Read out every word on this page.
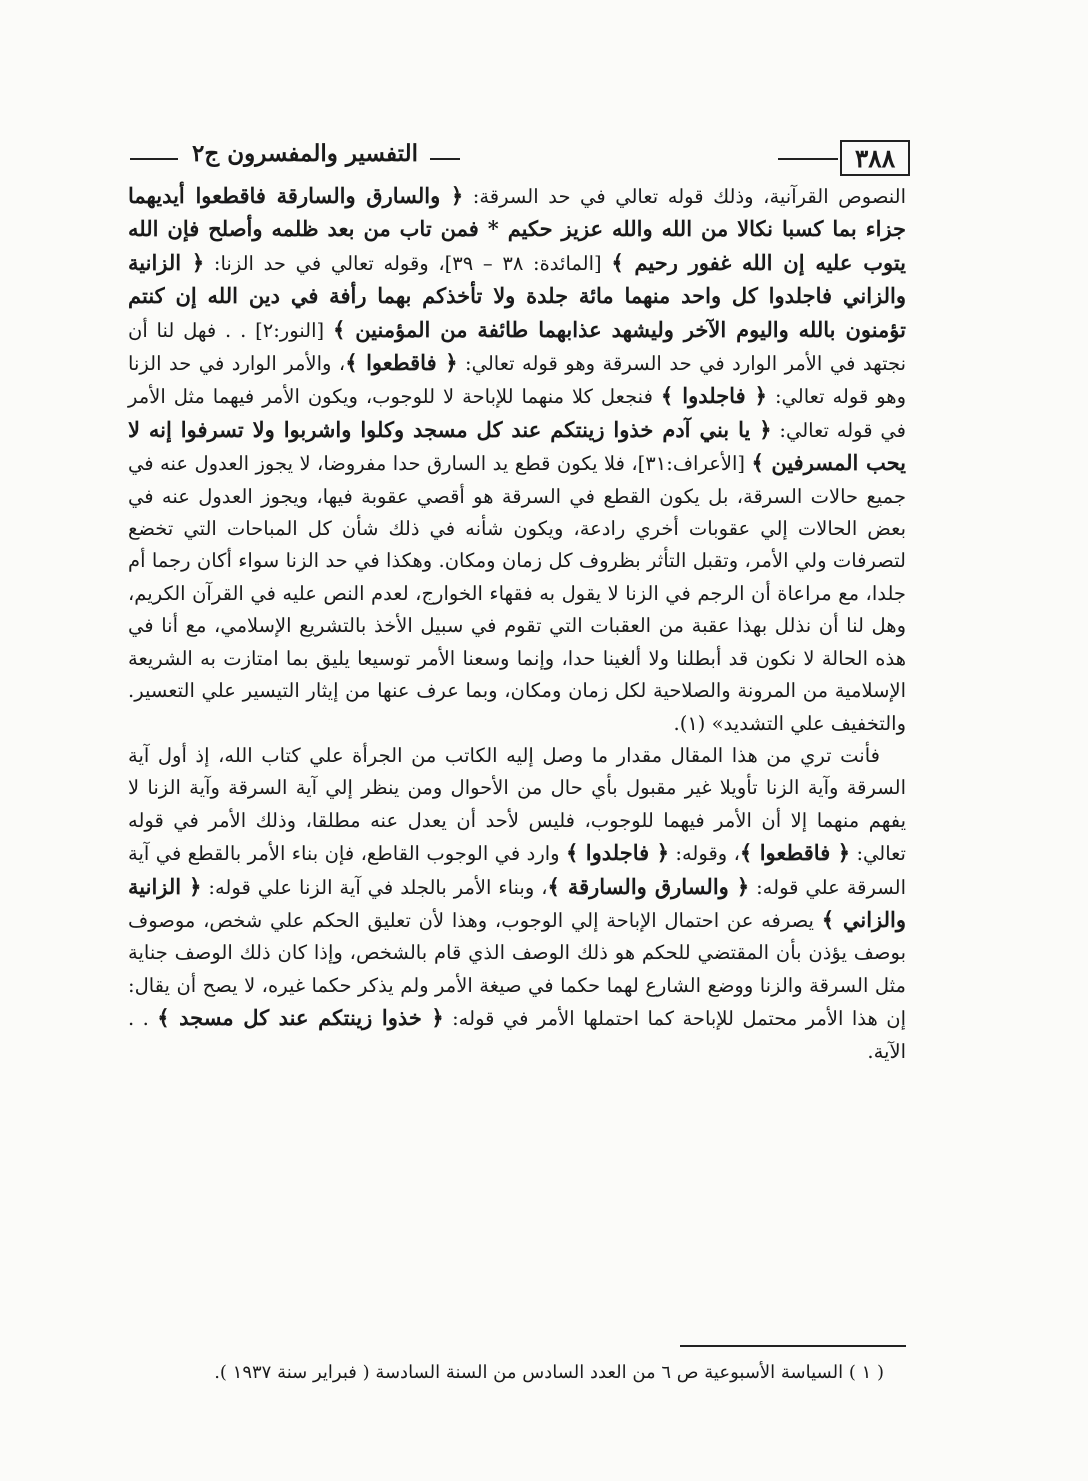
٣٨٨
التفسير والمفسرون ج٢

النصوص القرآنية، وذلك قوله تعالي في حد السرقة: ﴿ والسارق والسارقة فاقطعوا أيديهما جزاء بما كسبا نكالا من الله والله عزيز حكيم * فمن تاب من بعد ظلمه وأصلح فإن الله يتوب عليه إن الله غفور رحيم ﴾ [المائدة: ٣٨ – ٣٩]، وقوله تعالي في حد الزنا: ﴿ الزانية والزاني فاجلدوا كل واحد منهما مائة جلدة ولا تأخذكم بهما رأفة في دين الله إن كنتم تؤمنون بالله واليوم الآخر وليشهد عذابهما طائفة من المؤمنين ﴾ [النور:٢] . . فهل لنا أن نجتهد في الأمر الوارد في حد السرقة وهو قوله تعالي: ﴿ فاقطعوا ﴾، والأمر الوارد في حد الزنا وهو قوله تعالي: ﴿ فاجلدوا ﴾ فنجعل كلا منهما للإباحة لا للوجوب، ويكون الأمر فيهما مثل الأمر في قوله تعالي: ﴿ يا بني آدم خذوا زينتكم عند كل مسجد وكلوا واشربوا ولا تسرفوا إنه لا يحب المسرفين ﴾ [الأعراف:٣١]، فلا يكون قطع يد السارق حدا مفروضا، لا يجوز العدول عنه في جميع حالات السرقة، بل يكون القطع في السرقة هو أقصي عقوبة فيها، ويجوز العدول عنه في بعض الحالات إلي عقوبات أخري رادعة، ويكون شأنه في ذلك شأن كل المباحات التي تخضع لتصرفات ولي الأمر، وتقبل التأثر بظروف كل زمان ومكان. وهكذا في حد الزنا سواء أكان رجما أم جلدا، مع مراعاة أن الرجم في الزنا لا يقول به فقهاء الخوارج، لعدم النص عليه في القرآن الكريم، وهل لنا أن نذلل بهذا عقبة من العقبات التي تقوم في سبيل الأخذ بالتشريع الإسلامي، مع أنا في هذه الحالة لا نكون قد أبطلنا ولا ألغينا حدا، وإنما وسعنا الأمر توسيعا يليق بما امتازت به الشريعة الإسلامية من المرونة والصلاحية لكل زمان ومكان، وبما عرف عنها من إيثار التيسير علي التعسير. والتخفيف علي التشديد» (١).

فأنت تري من هذا المقال مقدار ما وصل إليه الكاتب من الجرأة علي كتاب الله، إذ أول آية السرقة وآية الزنا تأويلا غير مقبول بأي حال من الأحوال ومن ينظر إلي آية السرقة وآية الزنا لا يفهم منهما إلا أن الأمر فيهما للوجوب، فليس لأحد أن يعدل عنه مطلقا، وذلك الأمر في قوله تعالي: ﴿ فاقطعوا ﴾، وقوله: ﴿ فاجلدوا ﴾ وارد في الوجوب القاطع، فإن بناء الأمر بالقطع في آية السرقة علي قوله: ﴿ والسارق والسارقة ﴾، وبناء الأمر بالجلد في آية الزنا علي قوله: ﴿ الزانية والزاني ﴾ يصرفه عن احتمال الإباحة إلي الوجوب، وهذا لأن تعليق الحكم علي شخص، موصوف بوصف يؤذن بأن المقتضي للحكم هو ذلك الوصف الذي قام بالشخص، وإذا كان ذلك الوصف جناية مثل السرقة والزنا ووضع الشارع لهما حكما في صيغة الأمر ولم يذكر حكما غيره، لا يصح أن يقال: إن هذا الأمر محتمل للإباحة كما احتملها الأمر في قوله: ﴿ خذوا زينتكم عند كل مسجد ﴾ . . الآية.

( ١ ) السياسة الأسبوعية ص ٦ من العدد السادس من السنة السادسة ( فبراير سنة ١٩٣٧ ).
